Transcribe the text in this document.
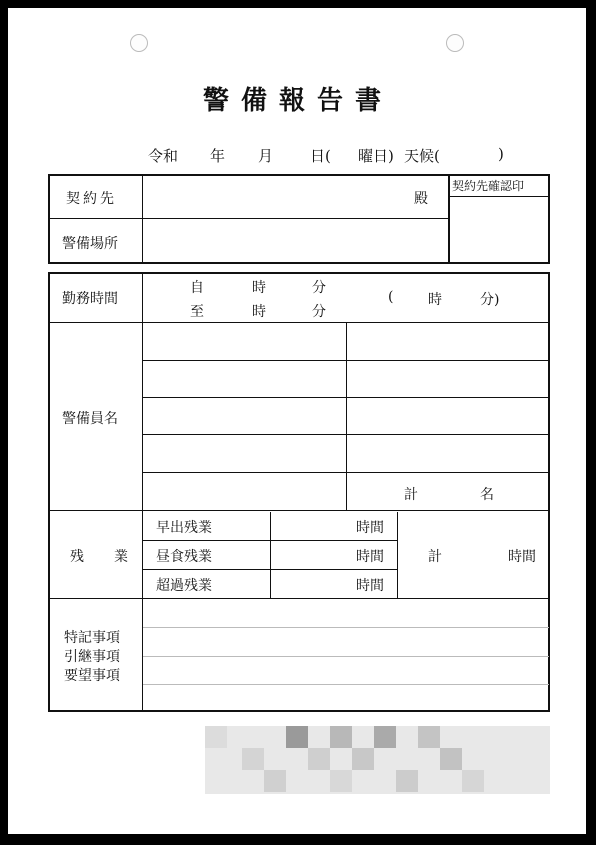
警備報告書
令和 年 月 日( 曜日) 天候(	)
契約先	殿
警備場所
契約先確認印
勤務時間
自	時	分
至	時	分
( 時	分)
警備員名
計	名
残　業
早出残業	時間
昼食残業	時間
超過残業	時間
計	時間
特記事項
引継事項
要望事項
